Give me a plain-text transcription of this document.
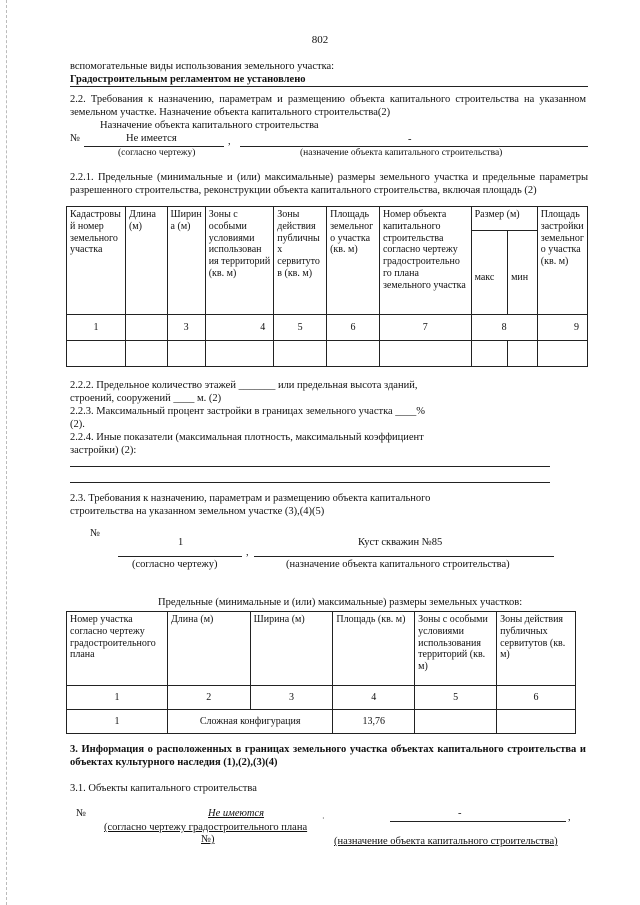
802
вспомогательные виды использования земельного участка:
Градостроительным регламентом не установлено
2.2. Требования к назначению, параметрам и размещению объекта капитального строительства на указанном земельном участке. Назначение объекта капитального строительства(2)
Назначение объекта капитального строительства
№	Не имеется	,	-
(согласно чертежу)	(назначение объекта капитального строительства)
2.2.1. Предельные (минимальные и (или) максимальные) размеры земельного участка и предельные параметры разрешенного строительства, реконструкции объекта капитального строительства, включая площадь (2)
Кадастровы й номер земельного участка	Длина (м)	Ширин а (м)	Зоны с особыми условиями использован ия территорий (кв. м)	Зоны действия публичны х сервитуто в (кв. м)	Площадь земельног о участка (кв. м)	Номер объекта капитального строительства согласно чертежу градостроительно го плана земельного участка	Размер (м)		Площадь застройки земельног о участка (кв. м)
							макс	мин	
1		3	4	5	6	7	8		9

2.2.2. Предельное количество этажей _______ или предельная высота зданий,
строений, сооружений ____ м. (2)
2.2.3. Максимальный процент застройки в границах земельного участка ____%
(2).
2.2.4. Иные показатели (максимальная плотность, максимальный коэффициент
застройки) (2):
2.3. Требования к назначению, параметрам и размещению объекта капитального
строительства на указанном земельном участке (3),(4)(5)
№
1
,
Куст скважин №85
(согласно чертежу)	(назначение объекта капитального строительства)
Предельные (минимальные и (или) максимальные) размеры земельных участков:
Номер участка согласно чертежу градостроительного плана	Длина (м)	Ширина (м)	Площадь (кв. м)	Зоны с особыми условиями использования территорий (кв. м)	Зоны действия публичных сервитутов (кв. м)
1	2	3	4	5	6
1	Сложная конфигурация		13,76		
3. Информация о расположенных в границах земельного участка объектах капитального строительства и объектах культурного наследия (1),(2),(3)(4)
3.1. Объекты капитального строительства
№	Не имеются	·	-	,
(согласно чертежу градостроительного плана
№)	(назначение объекта капитального строительства)
